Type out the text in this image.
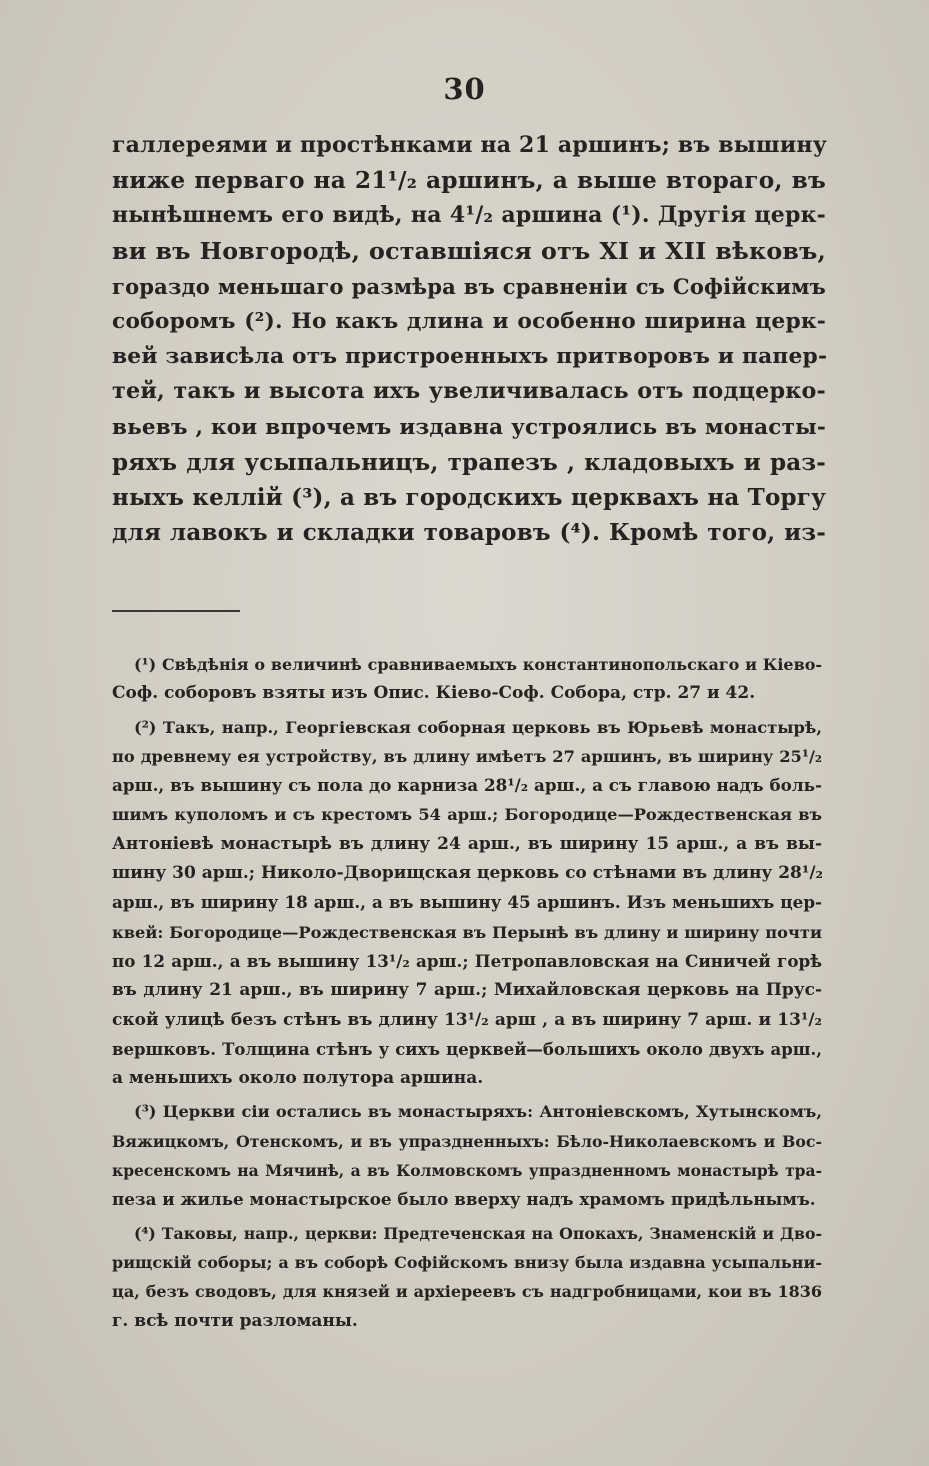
30
галлереями и простѣнками на 21 аршинъ; въ вышину
ниже перваго на 21¹/₂ аршинъ, а выше втораго, въ
нынѣшнемъ его видѣ, на 4¹/₂ аршина (¹). Другія церк-
ви въ Новгородѣ, оставшіяся отъ XI и XII вѣковъ,
гораздо меньшаго размѣра въ сравненіи съ Софійскимъ
соборомъ (²). Но какъ длина и особенно ширина церк-
вей зависѣла отъ пристроенныхъ притворовъ и папер-
тей, такъ и высота ихъ увеличивалась отъ подцерко-
вьевъ , кои впрочемъ издавна устроялись въ монасты-
ряхъ для усыпальницъ, трапезъ , кладовыхъ и раз-
ныхъ келлій (³), а въ городскихъ церквахъ на Торгу
для лавокъ и складки товаровъ (⁴). Кромѣ того, из-
(¹) Свѣдѣнія о величинѣ сравниваемыхъ константинопольскаго и Кіево-
Соф. соборовъ взяты изъ Опис. Кіево-Соф. Собора, стр. 27 и 42.
(²) Такъ, напр., Георгіевская соборная церковь въ Юрьевѣ монастырѣ,
по древнему ея устройству, въ длину имѣетъ 27 аршинъ, въ ширину 25¹/₂
арш., въ вышину съ пола до карниза 28¹/₂ арш., а съ главою надъ боль-
шимъ куполомъ и съ крестомъ 54 арш.; Богородице—Рождественская въ
Антоніевѣ монастырѣ въ длину 24 арш., въ ширину 15 арш., а въ вы-
шину 30 арш.; Николо-Дворищская церковь со стѣнами въ длину 28¹/₂
арш., въ ширину 18 арш., а въ вышину 45 аршинъ. Изъ меньшихъ цер-
квей: Богородице—Рождественская въ Перынѣ въ длину и ширину почти
по 12 арш., а въ вышину 13¹/₂ арш.; Петропавловская на Синичей горѣ
въ длину 21 арш., въ ширину 7 арш.; Михайловская церковь на Прус-
ской улицѣ безъ стѣнъ въ длину 13¹/₂ арш , а въ ширину 7 арш. и 13¹/₂
вершковъ. Толщина стѣнъ у сихъ церквей—большихъ около двухъ арш.,
а меньшихъ около полутора аршина.
(³) Церкви сіи остались въ монастыряхъ: Антоніевскомъ, Хутынскомъ,
Вяжицкомъ, Отенскомъ, и въ упраздненныхъ: Бѣло-Николаевскомъ и Вос-
кресенскомъ на Мячинѣ, а въ Колмовскомъ упраздненномъ монастырѣ тра-
пеза и жилье монастырское было вверху надъ храмомъ придѣльнымъ.
(⁴) Таковы, напр., церкви: Предтеченская на Опокахъ, Знаменскій и Дво-
рищскій соборы; а въ соборѣ Софійскомъ внизу была издавна усыпальни-
ца, безъ сводовъ, для князей и архіереевъ съ надгробницами, кои въ 1836
г. всѣ почти разломаны.
